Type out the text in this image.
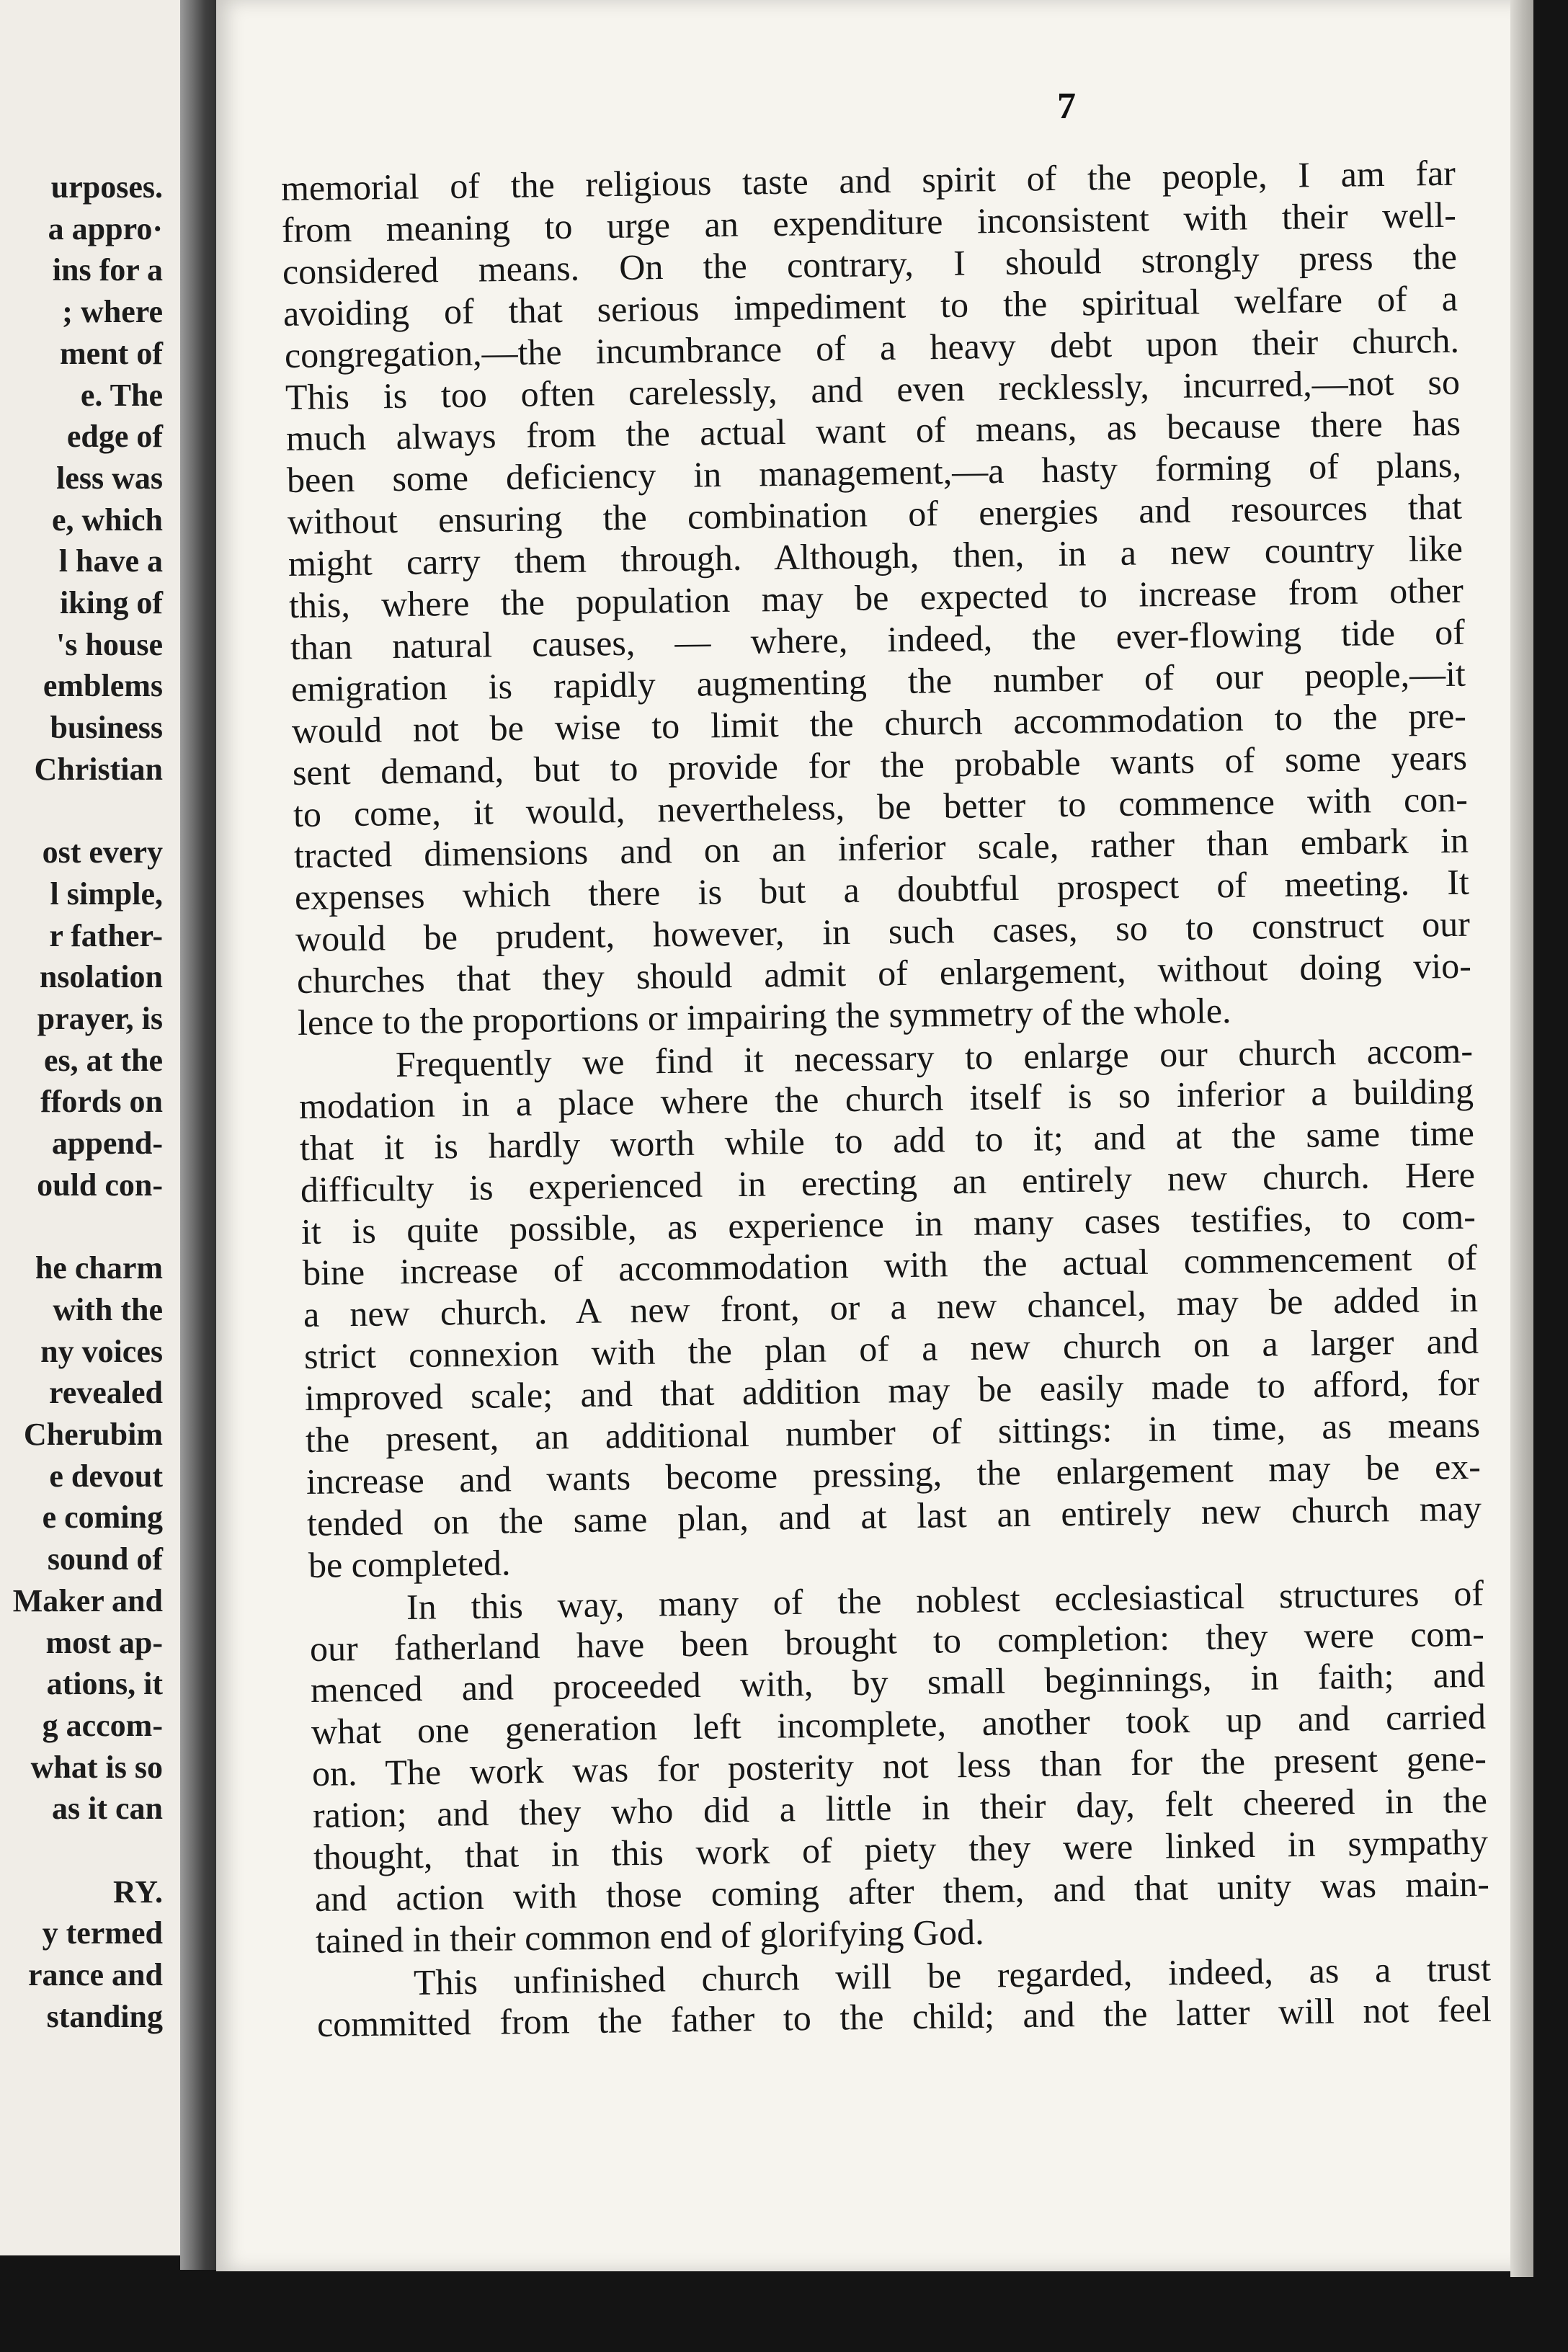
urposes.
a appro·
ins for a
; where
ment of
e. The
edge of
less was
e, which
l have a
iking of
's house
emblems
business
Christian
ost every
l simple,
r father-
nsolation
prayer, is
es, at the
ffords on
append-
ould con-
he charm
with the
ny voices
revealed
Cherubim
e devout
e coming
sound of
Maker and
most ap-
ations, it
g accom-
what is so
as it can
RY.
y termed
rance and
standing
7
memorial of the religious taste and spirit of the people, I am far
from meaning to urge an expenditure inconsistent with their well-
considered means. On the contrary, I should strongly press the
avoiding of that serious impediment to the spiritual welfare of a
congregation,—the incumbrance of a heavy debt upon their church.
This is too often carelessly, and even recklessly, incurred,—not so
much always from the actual want of means, as because there has
been some deficiency in management,—a hasty forming of plans,
without ensuring the combination of energies and resources that
might carry them through. Although, then, in a new country like
this, where the population may be expected to increase from other
than natural causes, — where, indeed, the ever-flowing tide of
emigration is rapidly augmenting the number of our people,—it
would not be wise to limit the church accommodation to the pre-
sent demand, but to provide for the probable wants of some years
to come, it would, nevertheless, be better to commence with con-
tracted dimensions and on an inferior scale, rather than embark in
expenses which there is but a doubtful prospect of meeting. It
would be prudent, however, in such cases, so to construct our
churches that they should admit of enlargement, without doing vio-
lence to the proportions or impairing the symmetry of the whole.
Frequently we find it necessary to enlarge our church accom-
modation in a place where the church itself is so inferior a building
that it is hardly worth while to add to it; and at the same time
difficulty is experienced in erecting an entirely new church. Here
it is quite possible, as experience in many cases testifies, to com-
bine increase of accommodation with the actual commencement of
a new church. A new front, or a new chancel, may be added in
strict connexion with the plan of a new church on a larger and
improved scale; and that addition may be easily made to afford, for
the present, an additional number of sittings: in time, as means
increase and wants become pressing, the enlargement may be ex-
tended on the same plan, and at last an entirely new church may
be completed.
In this way, many of the noblest ecclesiastical structures of
our fatherland have been brought to completion: they were com-
menced and proceeded with, by small beginnings, in faith; and
what one generation left incomplete, another took up and carried
on. The work was for posterity not less than for the present gene-
ration; and they who did a little in their day, felt cheered in the
thought, that in this work of piety they were linked in sympathy
and action with those coming after them, and that unity was main-
tained in their common end of glorifying God.
This unfinished church will be regarded, indeed, as a trust
committed from the father to the child; and the latter will not feel
